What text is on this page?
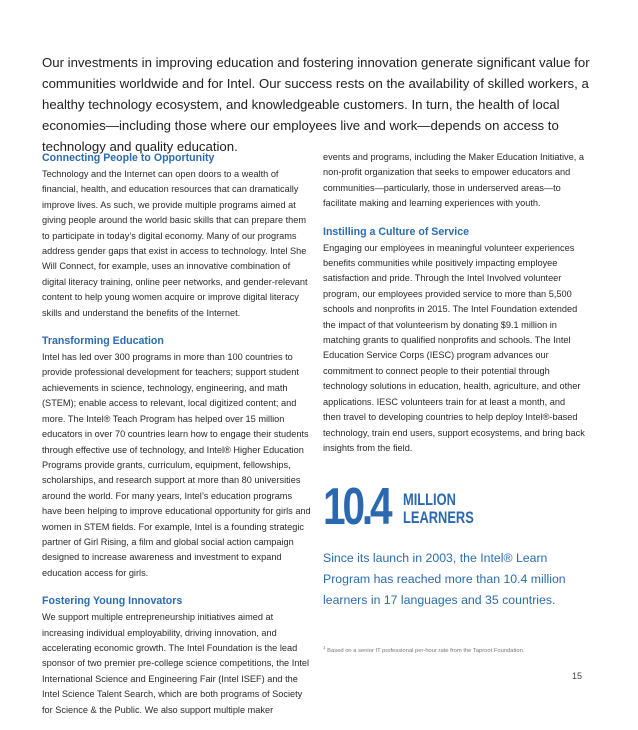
Our investments in improving education and fostering innovation generate significant value for communities worldwide and for Intel. Our success rests on the availability of skilled workers, a healthy technology ecosystem, and knowledgeable customers. In turn, the health of local economies—including those where our employees live and work—depends on access to technology and quality education.

Connecting People to Opportunity

Technology and the Internet can open doors to a wealth of financial, health, and education resources that can dramatically improve lives. As such, we provide multiple programs aimed at giving people around the world basic skills that can prepare them to participate in today’s digital economy. Many of our programs address gender gaps that exist in access to technology. Intel She Will Connect, for example, uses an innovative combination of digital literacy training, online peer networks, and gender-relevant content to help young women acquire or improve digital literacy skills and understand the benefits of the Internet.

Transforming Education

Intel has led over 300 programs in more than 100 countries to provide professional development for teachers; support student achievements in science, technology, engineering, and math (STEM); enable access to relevant, local digitized content; and more. The Intel® Teach Program has helped over 15 million educators in over 70 countries learn how to engage their students through effective use of technology, and Intel® Higher Education Programs provide grants, curriculum, equipment, fellowships, scholarships, and research support at more than 80 universities around the world. For many years, Intel’s education programs have been helping to improve educational opportunity for girls and women in STEM fields. For example, Intel is a founding strategic partner of Girl Rising, a film and global social action campaign designed to increase awareness and investment to expand education access for girls.

Fostering Young Innovators

We support multiple entrepreneurship initiatives aimed at increasing individual employability, driving innovation, and accelerating economic growth. The Intel Foundation is the lead sponsor of two premier pre-college science competitions, the Intel International Science and Engineering Fair (Intel ISEF) and the Intel Science Talent Search, which are both programs of Society for Science & the Public. We also support multiple maker

events and programs, including the Maker Education Initiative, a non-profit organization that seeks to empower educators and communities—particularly, those in underserved areas—to facilitate making and learning experiences with youth.

Instilling a Culture of Service

Engaging our employees in meaningful volunteer experiences benefits communities while positively impacting employee satisfaction and pride. Through the Intel Involved volunteer program, our employees provided service to more than 5,500 schools and nonprofits in 2015. The Intel Foundation extended the impact of that volunteerism by donating $9.1 million in matching grants to qualified nonprofits and schools. The Intel Education Service Corps (IESC) program advances our commitment to connect people to their potential through technology solutions in education, health, agriculture, and other applications. IESC volunteers train for at least a month, and then travel to developing countries to help deploy Intel®-based technology, train end users, support ecosystems, and bring back insights from the field.

10.4 MILLION
LEARNERS

Since its launch in 2003, the Intel® Learn Program has reached more than 10.4 million learners in 17 languages and 35 countries.

$^1$ Based on a senior IT professional per-hour rate from the Taproot Foundation.
15
